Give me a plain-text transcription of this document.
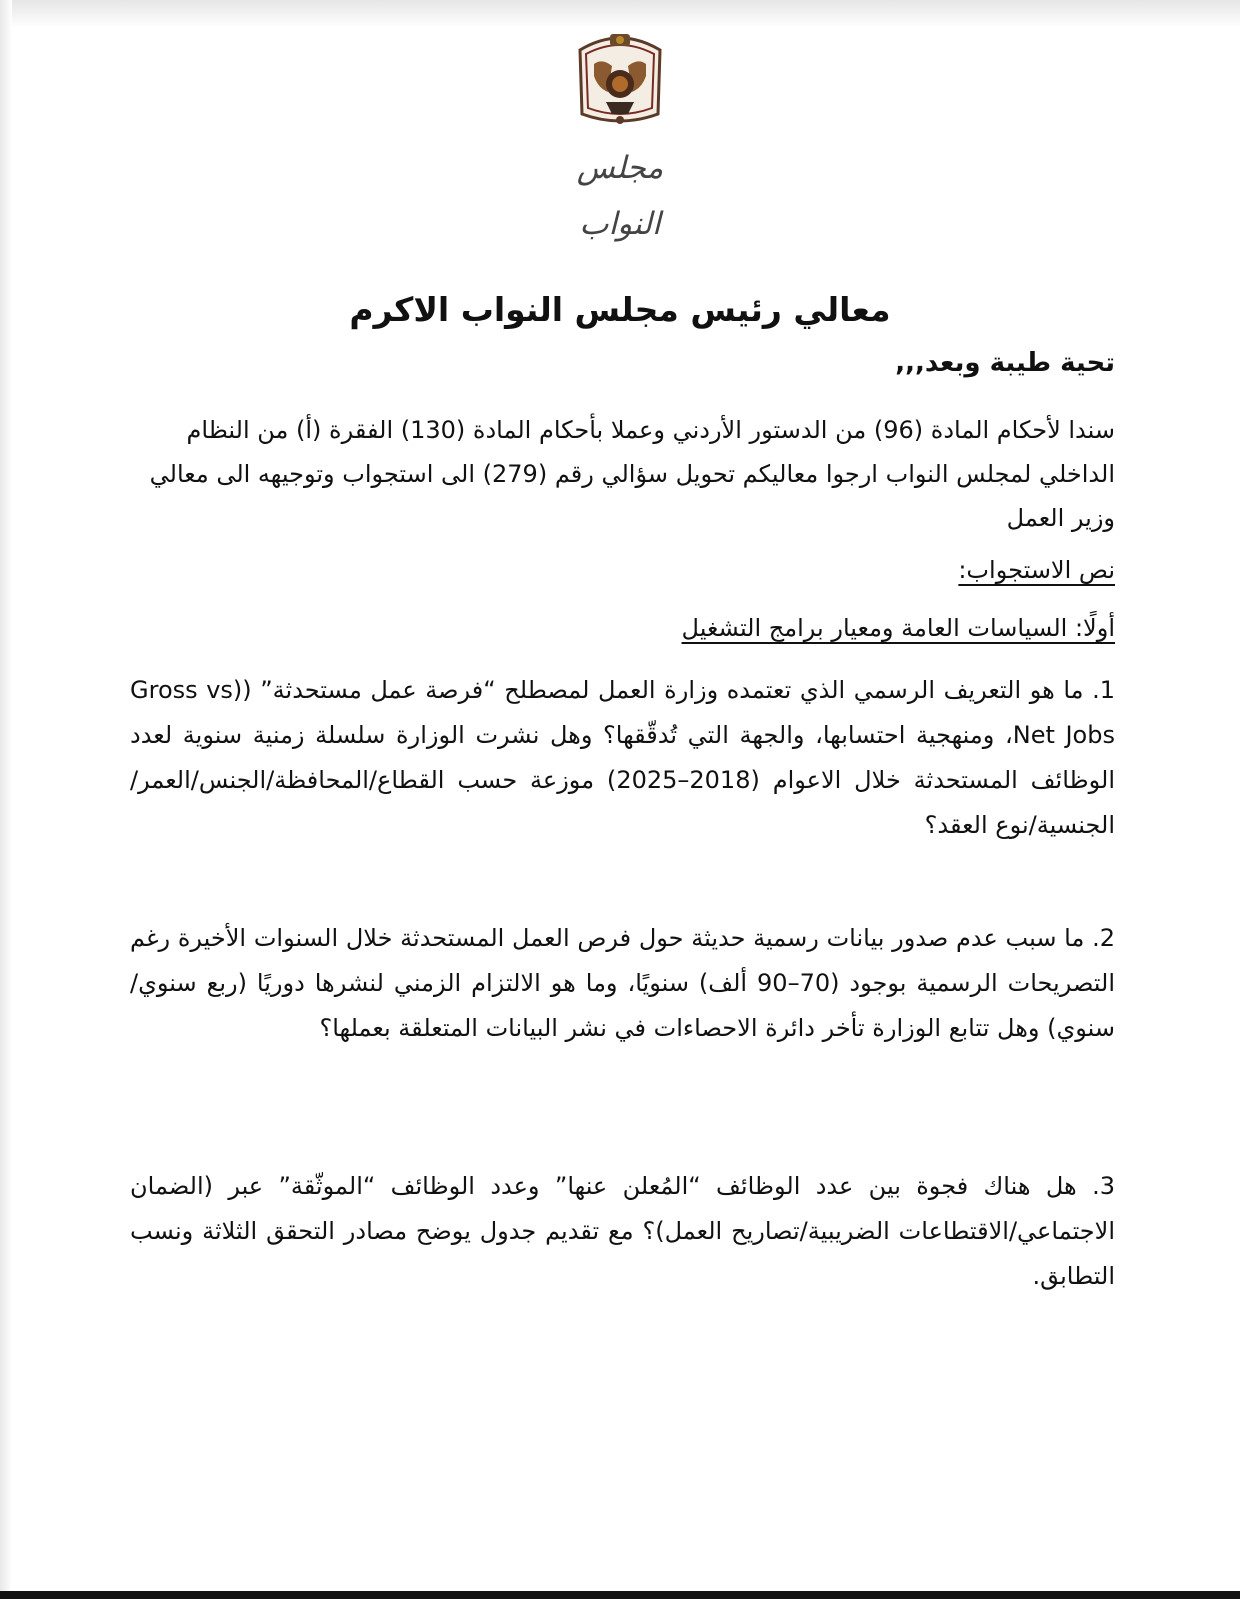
مجلس النواب
معالي رئيس مجلس النواب الاكرم
تحية طيبة وبعد,,,
سندا لأحكام المادة (96) من الدستور الأردني وعملا بأحكام المادة (130) الفقرة (أ) من النظام الداخلي لمجلس النواب ارجوا معاليكم تحويل سؤالي رقم (279) الى استجواب وتوجيهه الى معالي وزير العمل
نص الاستجواب:
أولًا: السياسات العامة ومعيار برامج التشغيل
1. ما هو التعريف الرسمي الذي تعتمده وزارة العمل لمصطلح “فرصة عمل مستحدثة” ((Gross vs Net Jobs، ومنهجية احتسابها، والجهة التي تُدقّقها؟ وهل نشرت الوزارة سلسلة زمنية سنوية لعدد الوظائف المستحدثة خلال الاعوام (2018–2025) موزعة حسب القطاع/المحافظة/الجنس/العمر/الجنسية/نوع العقد؟
2. ما سبب عدم صدور بيانات رسمية حديثة حول فرص العمل المستحدثة خلال السنوات الأخيرة رغم التصريحات الرسمية بوجود (70–90 ألف) سنويًا، وما هو الالتزام الزمني لنشرها دوريًا (ربع سنوي/سنوي) وهل تتابع الوزارة تأخر دائرة الاحصاءات في نشر البيانات المتعلقة بعملها؟
3. هل هناك فجوة بين عدد الوظائف “المُعلن عنها” وعدد الوظائف “الموثّقة” عبر (الضمان الاجتماعي/الاقتطاعات الضريبية/تصاريح العمل)؟ مع تقديم جدول يوضح مصادر التحقق الثلاثة ونسب التطابق.
